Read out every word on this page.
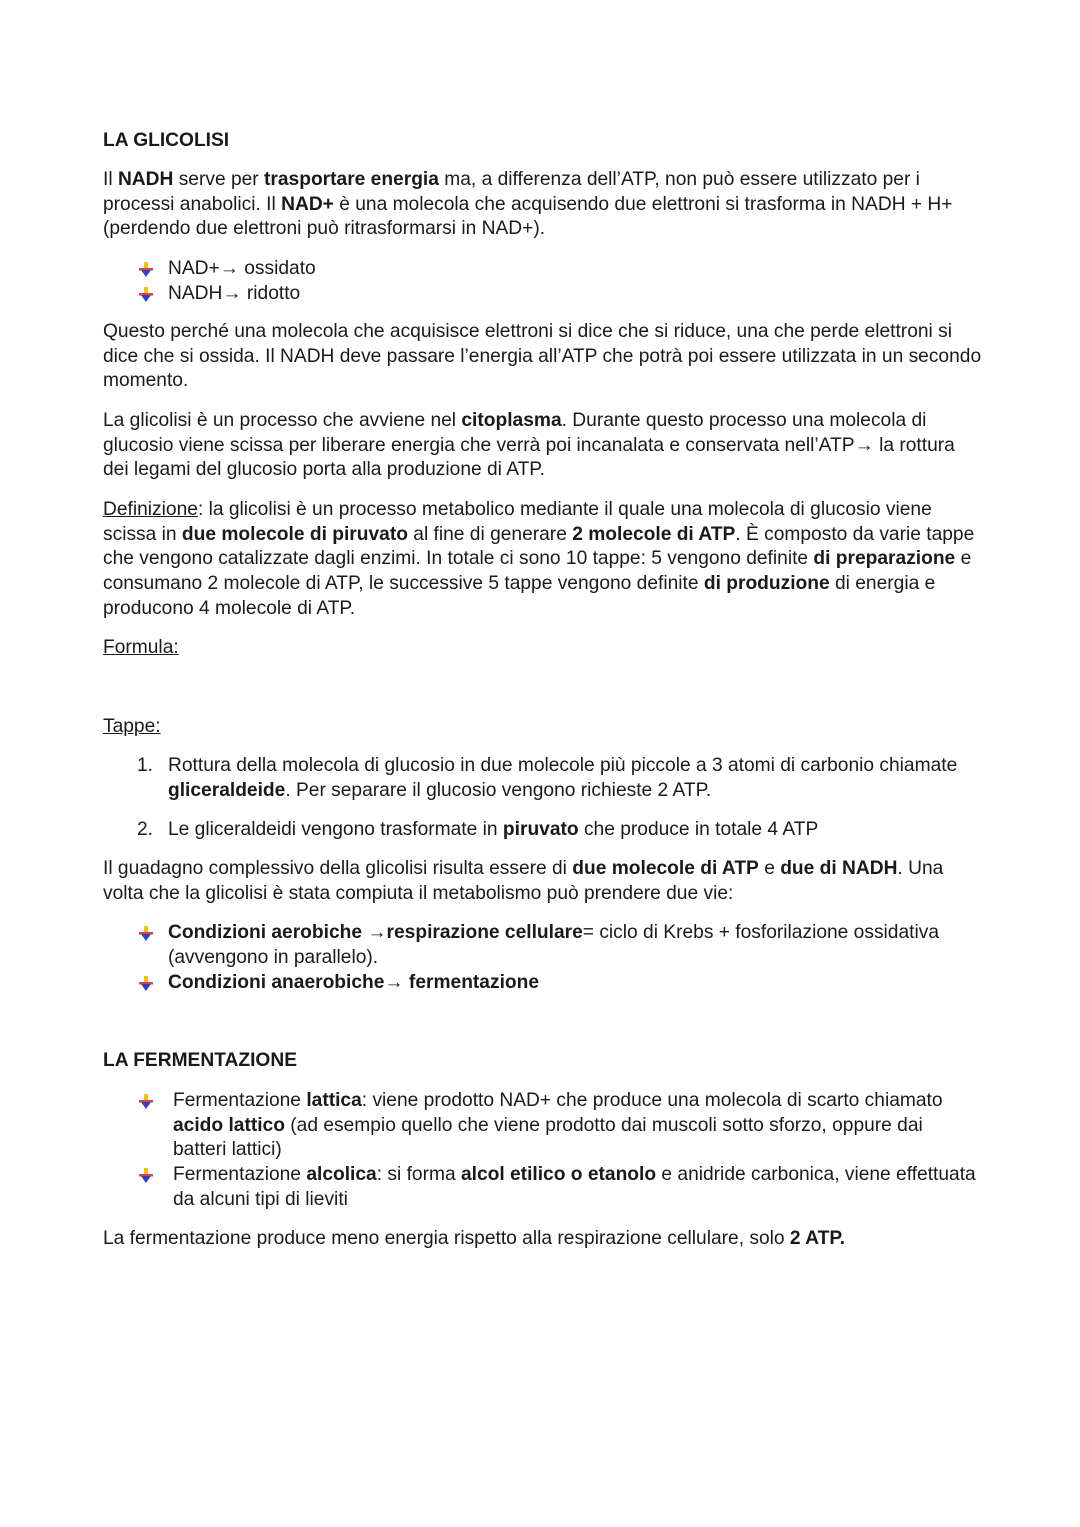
LA GLICOLISI
Il NADH serve per trasportare energia ma, a differenza dell’ATP, non può essere utilizzato per i processi anabolici. Il NAD+ è una molecola che acquisendo due elettroni si trasforma in NADH + H+ (perdendo due elettroni può ritrasformarsi in NAD+).
NAD+→ ossidato
NADH→ ridotto
Questo perché una molecola che acquisisce elettroni si dice che si riduce, una che perde elettroni si dice che si ossida. Il NADH deve passare l’energia all’ATP che potrà poi essere utilizzata in un secondo momento.
La glicolisi è un processo che avviene nel citoplasma. Durante questo processo una molecola di glucosio viene scissa per liberare energia che verrà poi incanalata e conservata nell’ATP→ la rottura dei legami del glucosio porta alla produzione di ATP.
Definizione: la glicolisi è un processo metabolico mediante il quale una molecola di glucosio viene scissa in due molecole di piruvato al fine di generare 2 molecole di ATP. È composto da varie tappe che vengono catalizzate dagli enzimi. In totale ci sono 10 tappe: 5 vengono definite di preparazione e consumano 2 molecole di ATP, le successive 5 tappe vengono definite di produzione di energia e producono 4 molecole di ATP.
Formula:
Tappe:
1. Rottura della molecola di glucosio in due molecole più piccole a 3 atomi di carbonio chiamate gliceraldeide. Per separare il glucosio vengono richieste 2 ATP.
2. Le gliceraldeidi vengono trasformate in piruvato che produce in totale 4 ATP
Il guadagno complessivo della glicolisi risulta essere di due molecole di ATP e due di NADH. Una volta che la glicolisi è stata compiuta il metabolismo può prendere due vie:
Condizioni aerobiche →respirazione cellulare= ciclo di Krebs + fosforilazione ossidativa (avvengono in parallelo).
Condizioni anaerobiche→ fermentazione
LA FERMENTAZIONE
Fermentazione lattica: viene prodotto NAD+ che produce una molecola di scarto chiamato acido lattico (ad esempio quello che viene prodotto dai muscoli sotto sforzo, oppure dai batteri lattici)
Fermentazione alcolica: si forma alcol etilico o etanolo e anidride carbonica, viene effettuata da alcuni tipi di lieviti
La fermentazione produce meno energia rispetto alla respirazione cellulare, solo 2 ATP.
